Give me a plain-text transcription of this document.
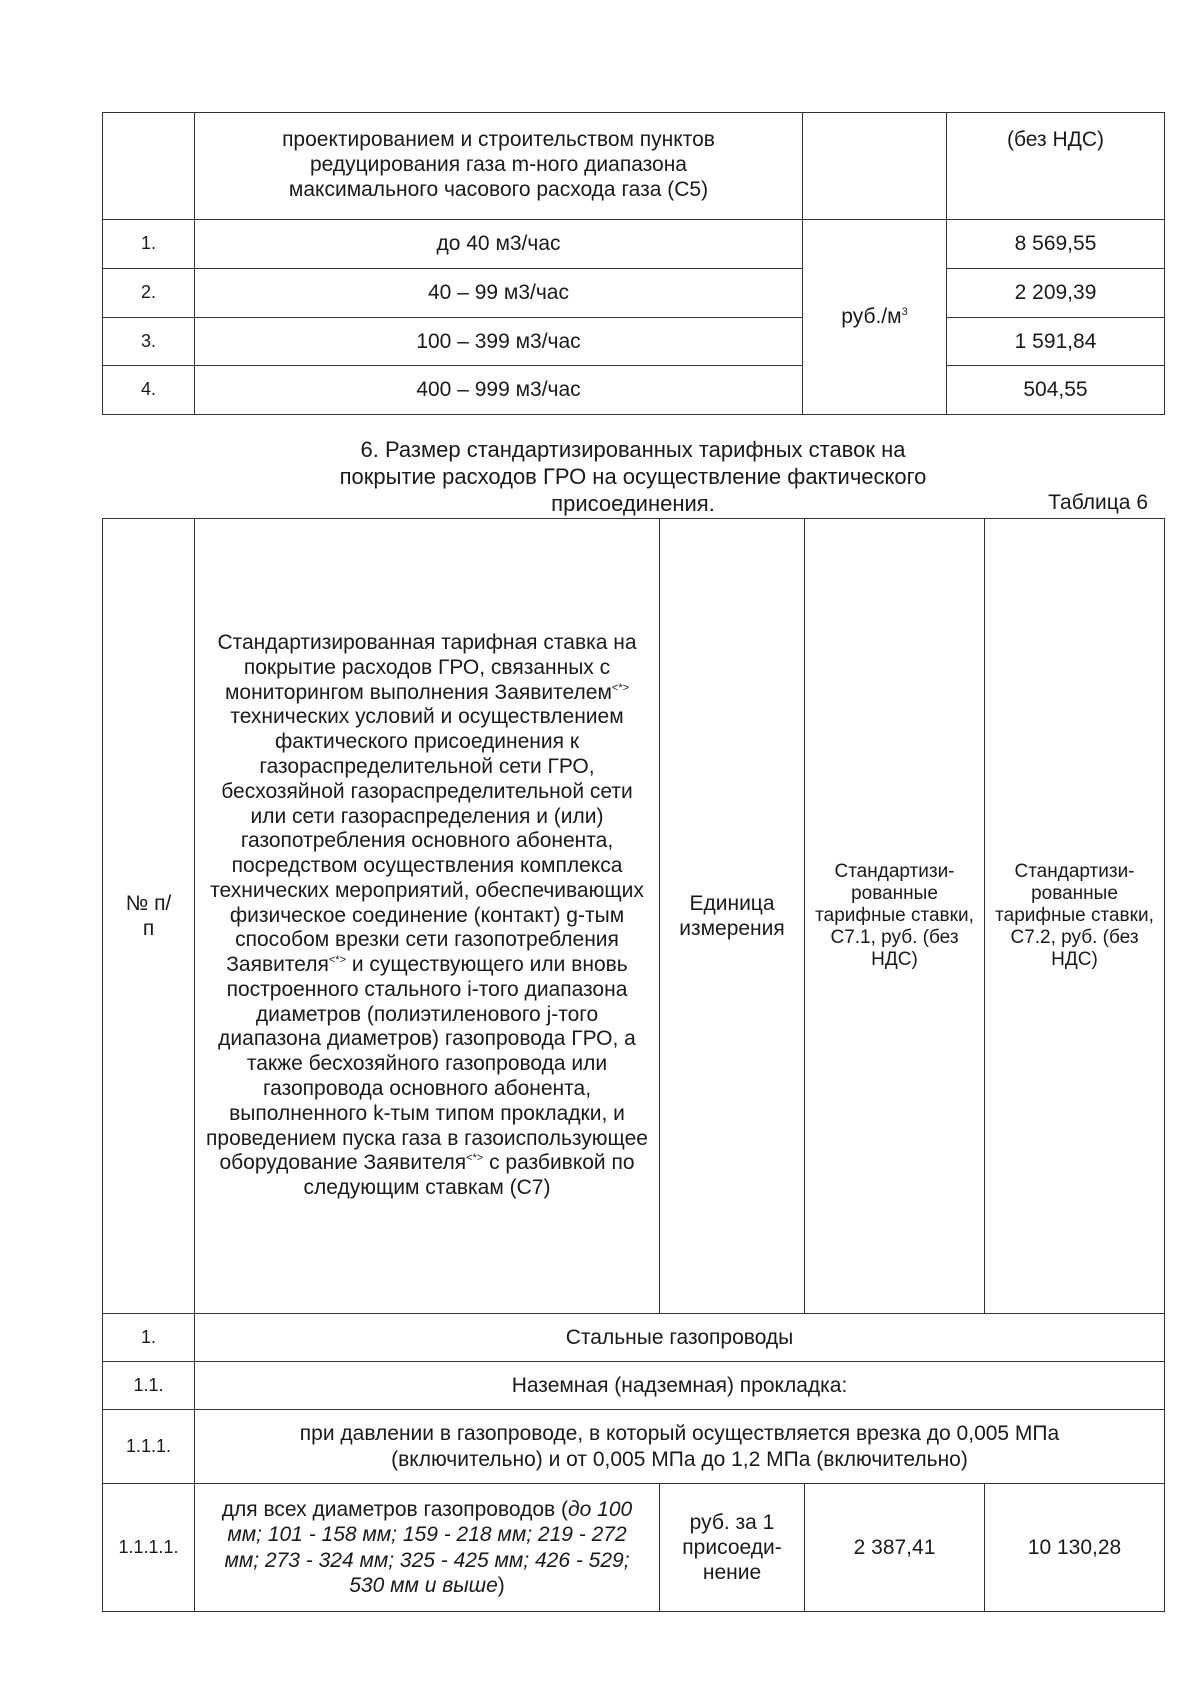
	проектированием и строительством пунктов редуцирования газа m-ного диапазона максимального часового расхода газа (С5)		(без НДС)
1.	до 40 м3/час	$руб./м^3$	8 569,55
2.	40 – 99 м3/час		2 209,39
3.	100 – 399 м3/час		1 591,84
4.	400 – 999 м3/час		504,55
6. Размер стандартизированных тарифных ставок на покрытие расходов ГРО на осуществление фактического присоединения.	Таблица 6
№ п/п	Стандартизированная тарифная ставка на покрытие расходов ГРО, связанных с мониторингом выполнения Заявителем<*> технических условий и осуществлением фактического присоединения к газораспределительной сети ГРО, бесхозяйной газораспределительной сети или сети газораспределения и (или) газопотребления основного абонента, посредством осуществления комплекса технических мероприятий, обеспечивающих физическое соединение (контакт) g-тым способом врезки сети газопотребления Заявителя<*> и существующего или вновь построенного стального i-того диапазона диаметров (полиэтиленового j-того диапазона диаметров) газопровода ГРО, а также бесхозяйного газопровода или газопровода основного абонента, выполненного k-тым типом прокладки, и проведением пуска газа в газоиспользующее оборудование Заявителя<*> с разбивкой по следующим ставкам (С7)	Единица измерения	Стандартизи-рованные тарифные ставки, С7.1, руб. (без НДС)	Стандартизи-рованные тарифные ставки, С7.2, руб. (без НДС)
1.	Стальные газопроводы			
1.1.	Наземная (надземная) прокладка:			
1.1.1.	при давлении в газопроводе, в который осуществляется врезка до 0,005 МПа (включительно) и от 0,005 МПа до 1,2 МПа (включительно)			
1.1.1.1.	для всех диаметров газопроводов (до 100 мм; 101 - 158 мм; 159 - 218 мм; 219 - 272 мм; 273 - 324 мм; 325 - 425 мм; 426 - 529; 530 мм и выше)	руб. за 1 присоеди-нение	2 387,41	10 130,28
